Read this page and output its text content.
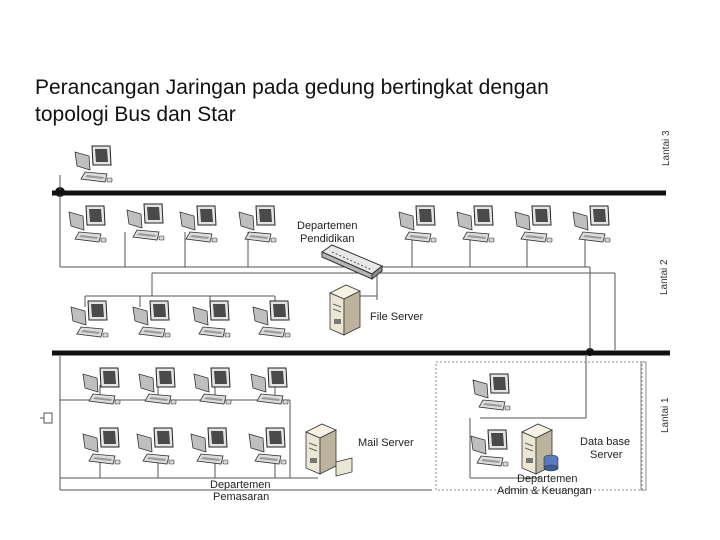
Perancangan Jaringan pada gedung bertingkat dengan
topologi Bus dan Star
Departemen
Pendidikan
File Server
Mail Server	Data base
Server
Departemen
Pemasaran
Departemen
Admin & Keuangan
Lantai 3
Lantai 2
Lantai 1
